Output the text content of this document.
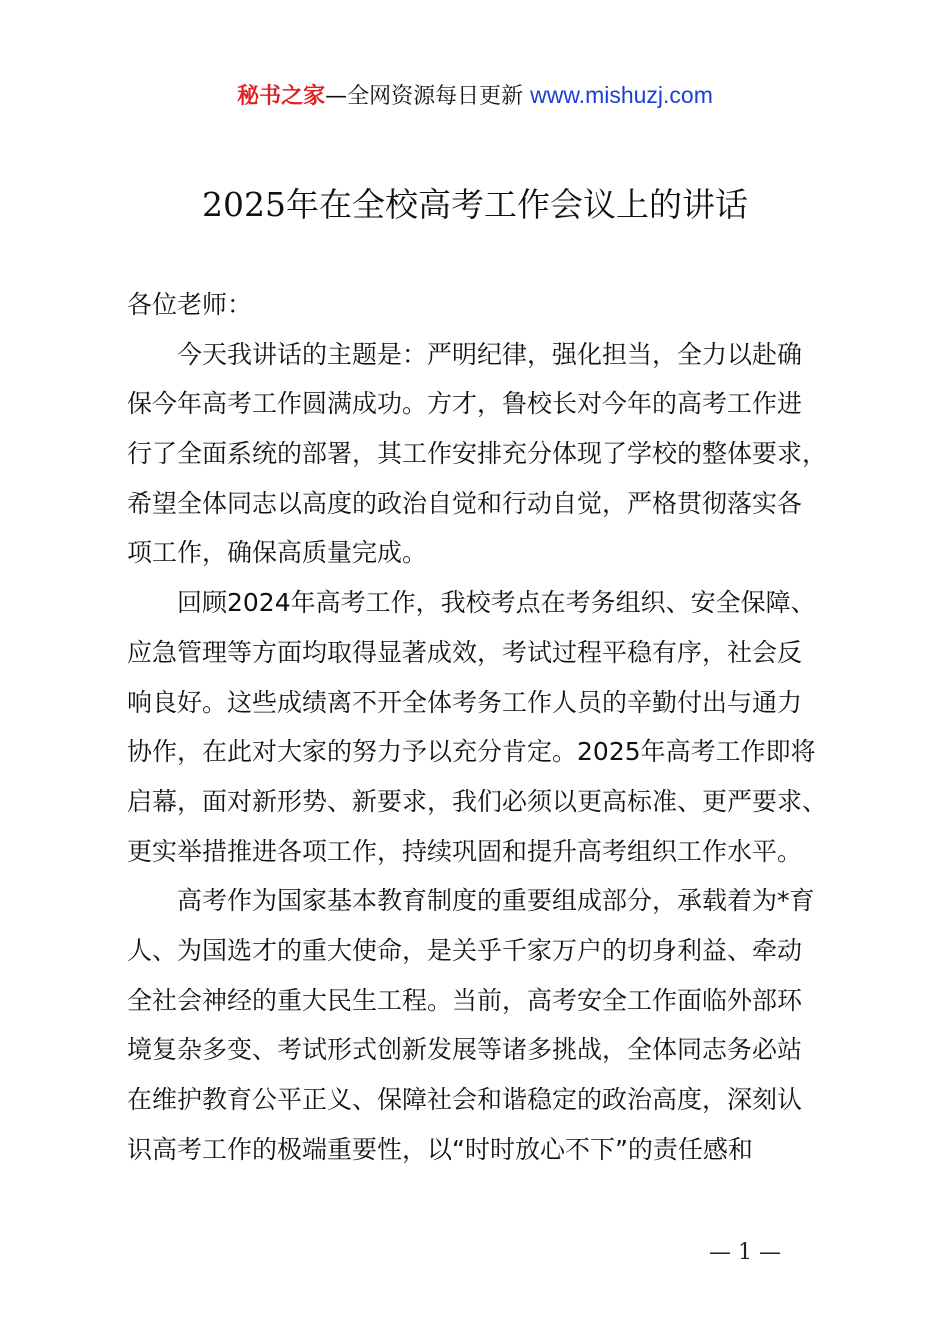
秘书之家—全网资源每日更新 www.mishuzj.com
2025年在全校高考工作会议上的讲话
各位老师：
今天我讲话的主题是：严明纪律，强化担当，全力以赴确
保今年高考工作圆满成功。方才，鲁校长对今年的高考工作进
行了全面系统的部署，其工作安排充分体现了学校的整体要求，
希望全体同志以高度的政治自觉和行动自觉，严格贯彻落实各
项工作，确保高质量完成。
回顾2024年高考工作，我校考点在考务组织、安全保障、
应急管理等方面均取得显著成效，考试过程平稳有序，社会反
响良好。这些成绩离不开全体考务工作人员的辛勤付出与通力
协作，在此对大家的努力予以充分肯定。2025年高考工作即将
启幕，面对新形势、新要求，我们必须以更高标准、更严要求、
更实举措推进各项工作，持续巩固和提升高考组织工作水平。
高考作为国家基本教育制度的重要组成部分，承载着为*育
人、为国选才的重大使命，是关乎千家万户的切身利益、牵动
全社会神经的重大民生工程。当前，高考安全工作面临外部环
境复杂多变、考试形式创新发展等诸多挑战，全体同志务必站
在维护教育公平正义、保障社会和谐稳定的政治高度，深刻认
识高考工作的极端重要性，以“时时放心不下”的责任感和
— 1 —
